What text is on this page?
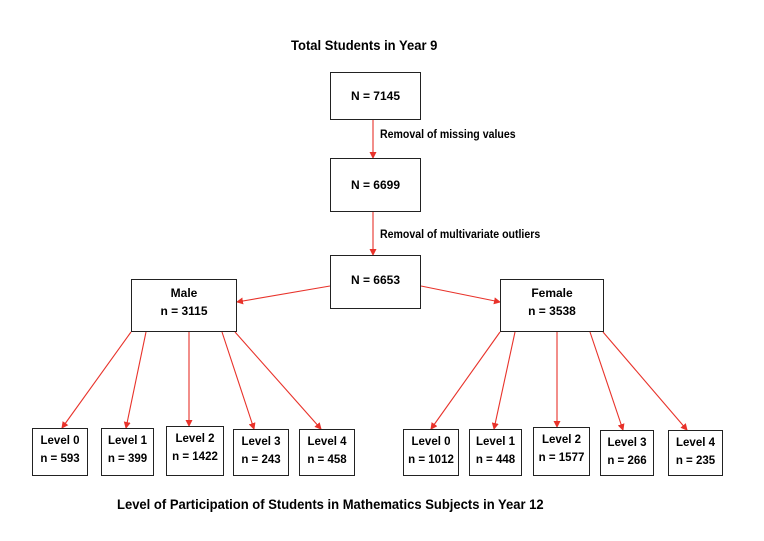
Total Students in Year 9
N = 7145
Removal of missing values
N = 6699
Removal of multivariate outliers
N = 6653
Male
n = 3115
Female
n = 3538
Level 0
n = 593
Level 1
n = 399
Level 2
n = 1422
Level 3
n = 243
Level 4
n = 458
Level 0
n = 1012
Level 1
n = 448
Level 2
n = 1577
Level 3
n = 266
Level 4
n = 235
Level of Participation of Students in Mathematics Subjects in Year 12
